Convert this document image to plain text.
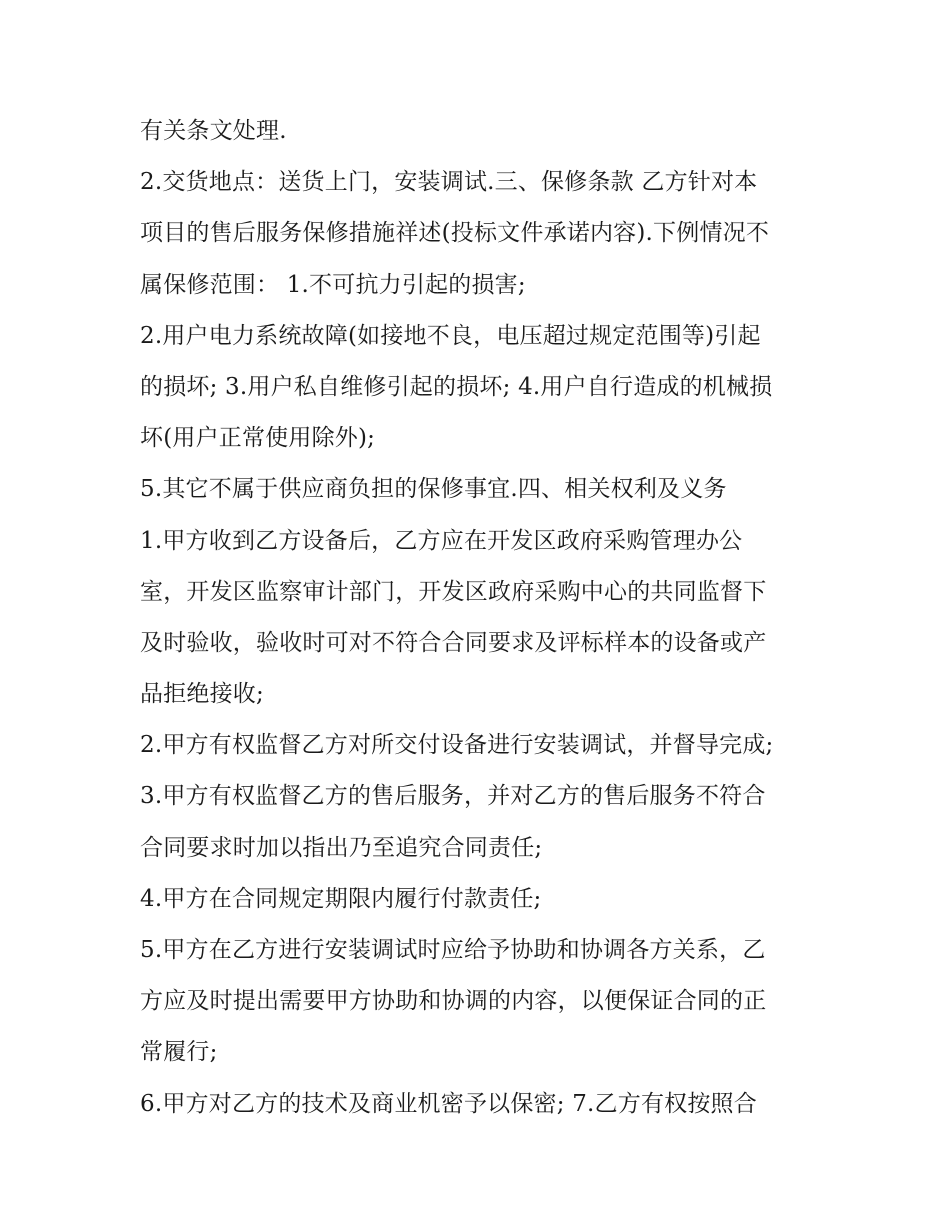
有关条文处理.
2.交货地点：送货上门，安装调试.三、保修条款 乙方针对本
项目的售后服务保修措施祥述(投标文件承诺内容).下例情况不
属保修范围： 1.不可抗力引起的损害;
2.用户电力系统故障(如接地不良，电压超过规定范围等)引起
的损坏; 3.用户私自维修引起的损坏; 4.用户自行造成的机械损
坏(用户正常使用除外);
5.其它不属于供应商负担的保修事宜.四、相关权利及义务
1.甲方收到乙方设备后，乙方应在开发区政府采购管理办公
室，开发区监察审计部门，开发区政府采购中心的共同监督下
及时验收，验收时可对不符合合同要求及评标样本的设备或产
品拒绝接收;
2.甲方有权监督乙方对所交付设备进行安装调试，并督导完成;
3.甲方有权监督乙方的售后服务，并对乙方的售后服务不符合
合同要求时加以指出乃至追究合同责任;
4.甲方在合同规定期限内履行付款责任;
5.甲方在乙方进行安装调试时应给予协助和协调各方关系，乙
方应及时提出需要甲方协助和协调的内容，以便保证合同的正
常履行;
6.甲方对乙方的技术及商业机密予以保密; 7.乙方有权按照合
